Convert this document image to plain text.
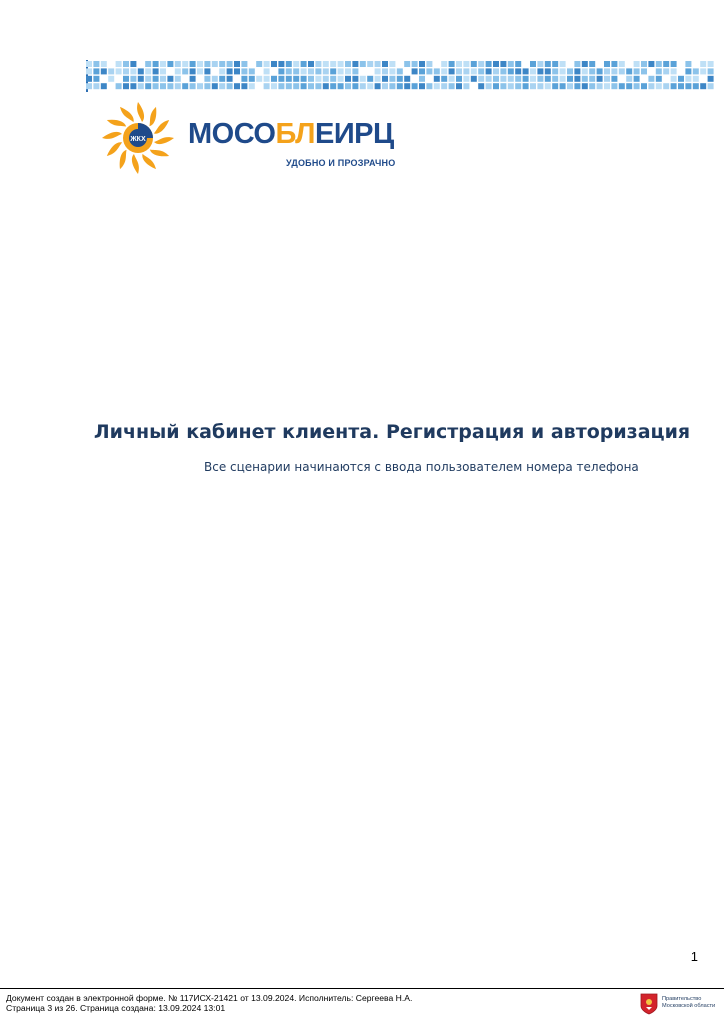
ЖКХ МОСОБЛЕИРЦ
УДОБНО И ПРОЗРАЧНО
Личный кабинет клиента. Регистрация и авторизация
Все сценарии начинаются с ввода пользователем номера телефона
1
Документ создан в электронной форме. № 117ИСХ-21421 от 13.09.2024. Исполнитель: Сергеева Н.А.
Страница 3 из 26. Страница создана: 13.09.2024 13:01
Правительство
Московской области
